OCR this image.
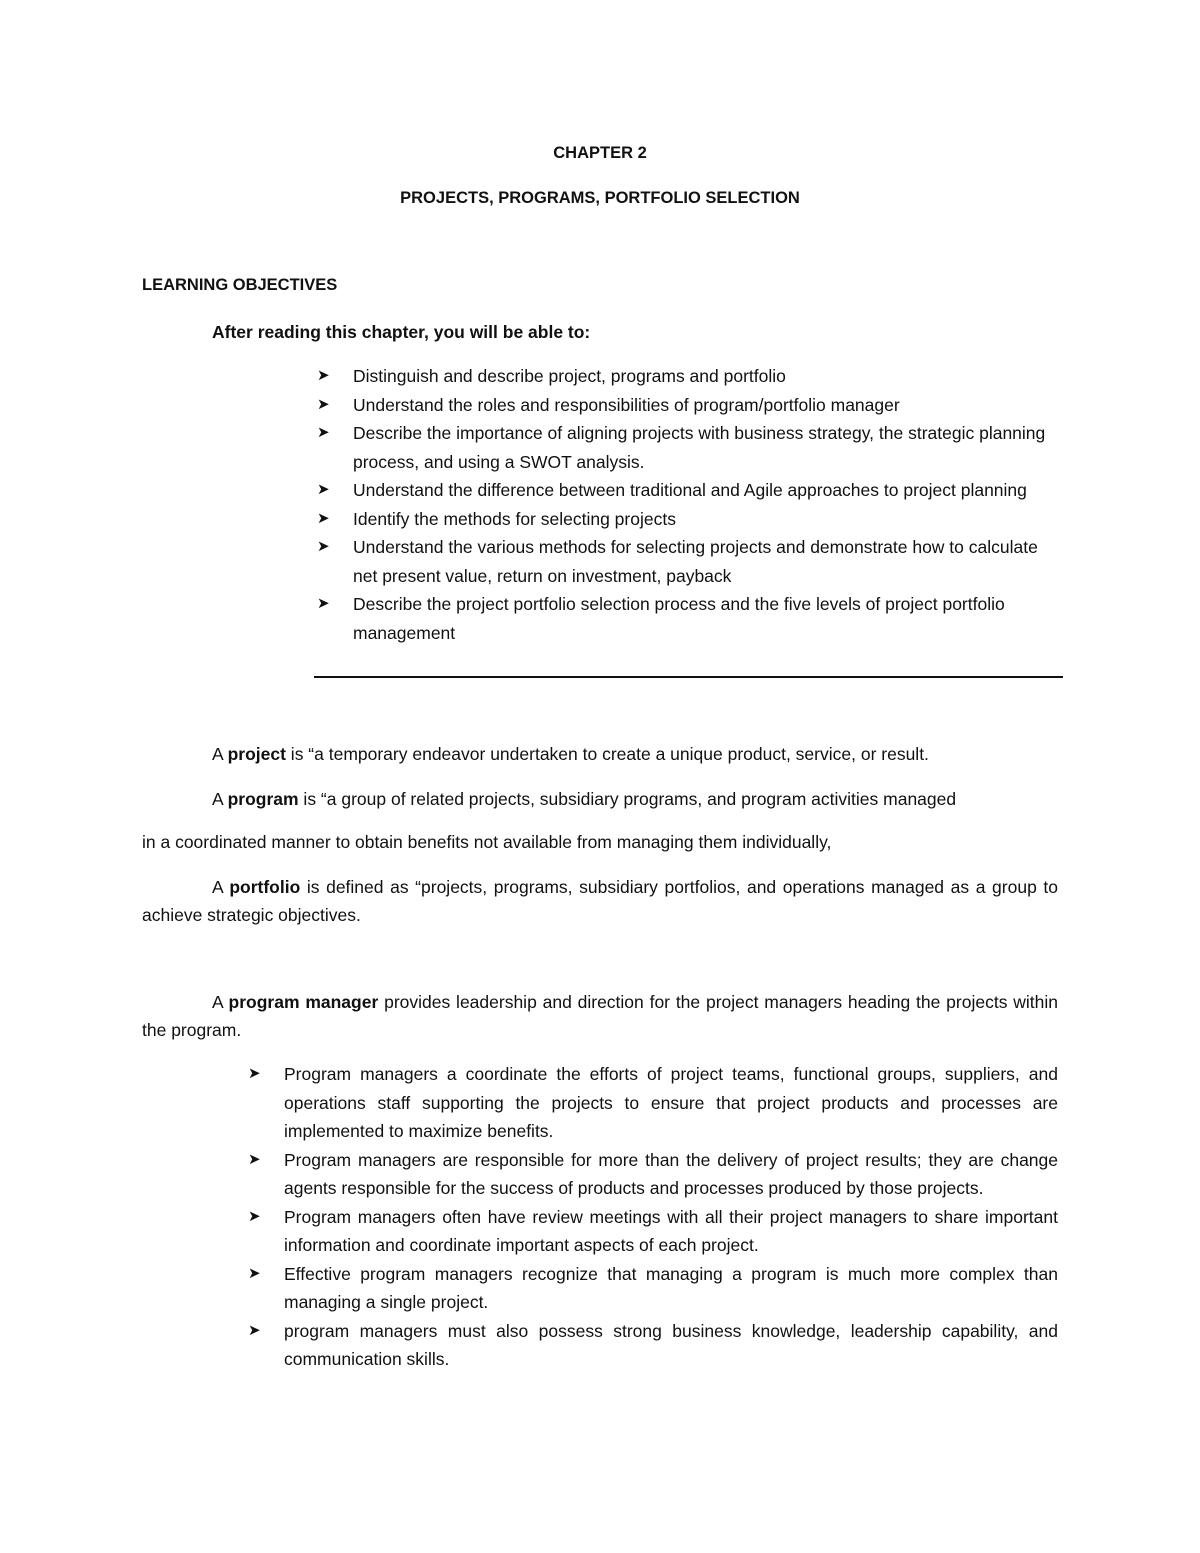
CHAPTER 2
PROJECTS, PROGRAMS, PORTFOLIO SELECTION
LEARNING OBJECTIVES
After reading this chapter, you will be able to:
➤ Distinguish and describe project, programs and portfolio
➤ Understand the roles and responsibilities of program/portfolio manager
➤ Describe the importance of aligning projects with business strategy, the strategic planning process, and using a SWOT analysis.
➤ Understand the difference between traditional and Agile approaches to project planning
➤ Identify the methods for selecting projects
➤ Understand the various methods for selecting projects and demonstrate how to calculate net present value, return on investment, payback
➤ Describe the project portfolio selection process and the five levels of project portfolio management
A project is “a temporary endeavor undertaken to create a unique product, service, or result.
A program is “a group of related projects, subsidiary programs, and program activities managed
in a coordinated manner to obtain benefits not available from managing them individually,
A portfolio is defined as “projects, programs, subsidiary portfolios, and operations managed as a group to achieve strategic objectives.
A program manager provides leadership and direction for the project managers heading the projects within the program.
➤ Program managers a coordinate the efforts of project teams, functional groups, suppliers, and operations staff supporting the projects to ensure that project products and processes are implemented to maximize benefits.
➤ Program managers are responsible for more than the delivery of project results; they are change agents responsible for the success of products and processes produced by those projects.
➤ Program managers often have review meetings with all their project managers to share important information and coordinate important aspects of each project.
➤ Effective program managers recognize that managing a program is much more complex than managing a single project.
➤ program managers must also possess strong business knowledge, leadership capability, and communication skills.
